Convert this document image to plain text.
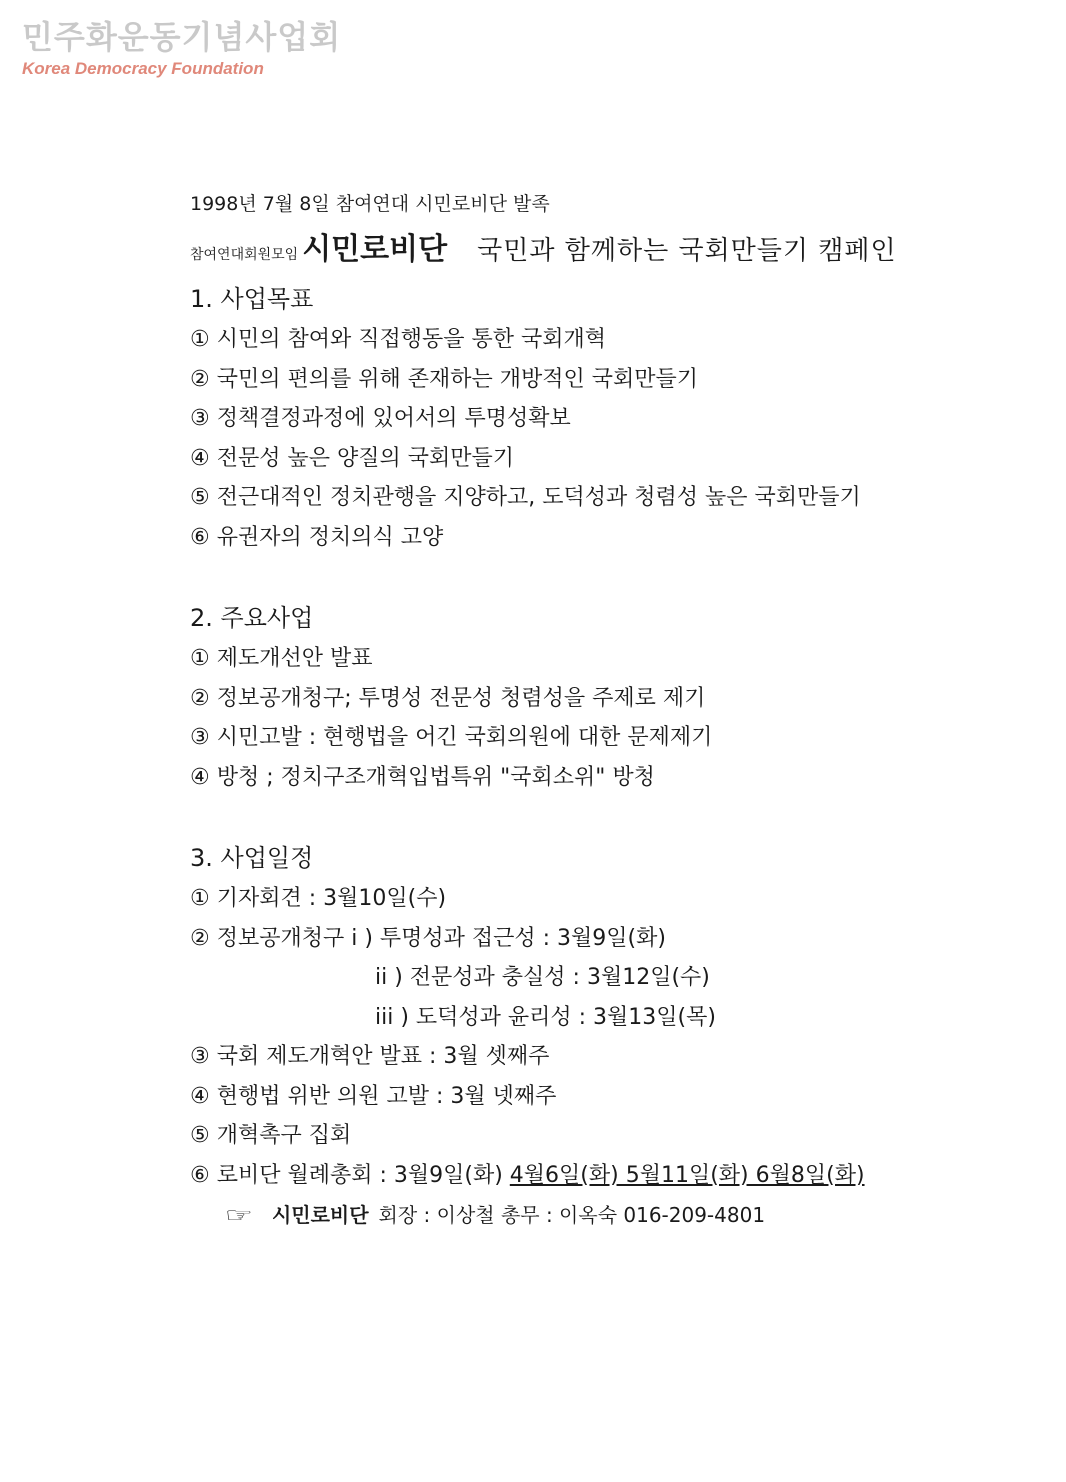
민주화운동기념사업회
Korea Democracy Foundation
1998년 7월 8일 참여연대 시민로비단 발족
참여연대회원모임 시민로비단 국민과 함께하는 국회만들기 캠페인
1. 사업목표
① 시민의 참여와 직접행동을 통한 국회개혁
② 국민의 편의를 위해 존재하는 개방적인 국회만들기
③ 정책결정과정에 있어서의 투명성확보
④ 전문성 높은 양질의 국회만들기
⑤ 전근대적인 정치관행을 지양하고, 도덕성과 청렴성 높은 국회만들기
⑥ 유권자의 정치의식 고양
2. 주요사업
① 제도개선안 발표
② 정보공개청구; 투명성 전문성 청렴성을 주제로 제기
③ 시민고발 : 현행법을 어긴 국회의원에 대한 문제제기
④ 방청 ; 정치구조개혁입법특위 "국회소위" 방청
3. 사업일정
① 기자회견 : 3월10일(수)
② 정보공개청구 i ) 투명성과 접근성 : 3월9일(화)
ii ) 전문성과 충실성 : 3월12일(수)
iii ) 도덕성과 윤리성 : 3월13일(목)
③ 국회 제도개혁안 발표 : 3월 셋째주
④ 현행법 위반 의원 고발 : 3월 넷째주
⑤ 개혁촉구 집회
⑥ 로비단 월례총회 : 3월9일(화) 4월6일(화) 5월11일(화) 6월8일(화)
☞ 시민로비단 회장 : 이상철 총무 : 이옥숙 016-209-4801
